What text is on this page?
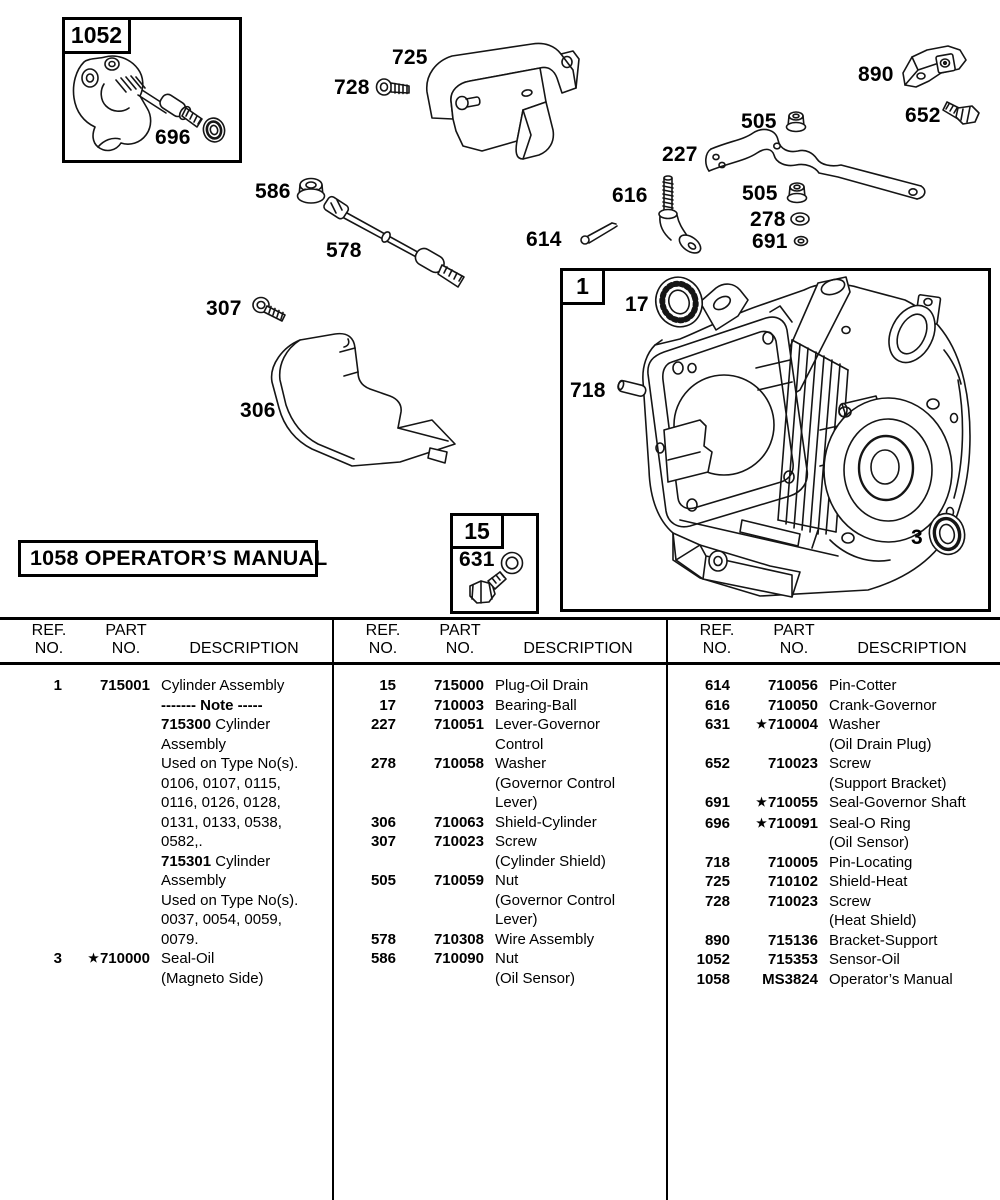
1052
1
15
1058 OPERATOR’S MANUAL
696
725
728
890
652
505
227
505
278
691
616
614
586
578
307
306
17
718
3
631
REF.
NO.
PART
NO.	DESCRIPTION
1	715001 Cylinder Assembly
------- Note -----
715300 Cylinder
Assembly
Used on Type No(s).
0106, 0107, 0115,
0116, 0126, 0128,
0131, 0133, 0538,
0582,.
715301 Cylinder
Assembly
Used on Type No(s).
0037, 0054, 0059,
0079.
3	★710000 Seal-Oil
(Magneto Side)
REF.
NO.
PART
NO.	DESCRIPTION
15	715000 Plug-Oil Drain
17	710003 Bearing-Ball
227	710051 Lever-Governor
Control
278	710058 Washer
(Governor Control
Lever)
306	710063 Shield-Cylinder
307	710023 Screw
(Cylinder Shield)
505	710059 Nut
(Governor Control
Lever)
578	710308 Wire Assembly
586	710090 Nut
(Oil Sensor)
REF.
NO.
PART
NO.	DESCRIPTION
614	710056 Pin-Cotter
616	710050 Crank-Governor
631	★710004 Washer
(Oil Drain Plug)
652	710023 Screw
(Support Bracket)
691	★710055 Seal-Governor Shaft
696	★710091 Seal-O Ring
(Oil Sensor)
718	710005 Pin-Locating
725	710102 Shield-Heat
728	710023 Screw
(Heat Shield)
890	715136 Bracket-Support
1052	715353 Sensor-Oil
1058	MS3824 Operator’s Manual
